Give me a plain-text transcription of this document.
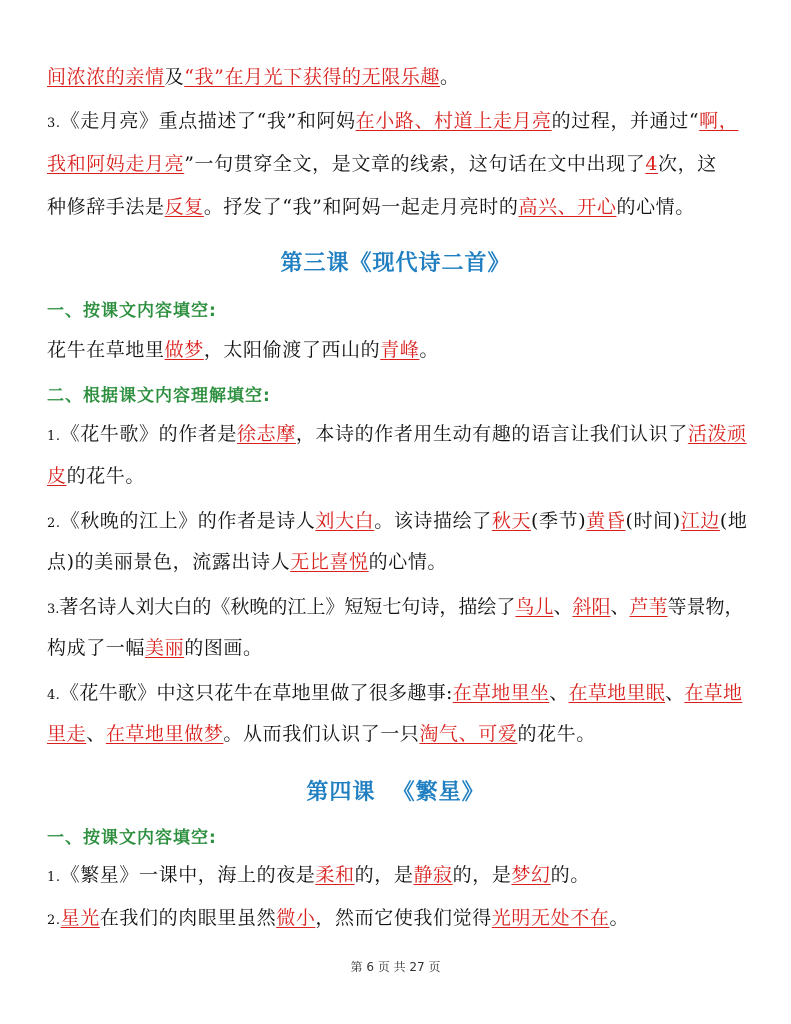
间浓浓的亲情及“我”在月光下获得的无限乐趣。
3.《走月亮》重点描述了“我”和阿妈在小路、村道上走月亮的过程，并通过“啊，
我和阿妈走月亮”一句贯穿全文，是文章的线索，这句话在文中出现了4次，这
种修辞手法是反复。抒发了“我”和阿妈一起走月亮时的高兴、开心的心情。
第三课《现代诗二首》
一、按课文内容填空:
花牛在草地里做梦，太阳偷渡了西山的青峰。
二、根据课文内容理解填空:
1.《花牛歌》的作者是徐志摩，本诗的作者用生动有趣的语言让我们认识了活泼顽
皮的花牛。
2.《秋晚的江上》的作者是诗人刘大白。该诗描绘了秋天(季节)黄昏(时间)江边(地
点)的美丽景色，流露出诗人无比喜悦的心情。
3.著名诗人刘大白的《秋晚的江上》短短七句诗，描绘了鸟儿、斜阳、芦苇等景物，
构成了一幅美丽的图画。
4.《花牛歌》中这只花牛在草地里做了很多趣事:在草地里坐、在草地里眠、在草地
里走、在草地里做梦。从而我们认识了一只淘气、可爱的花牛。
第四课  《繁星》
一、按课文内容填空:
1.《繁星》一课中，海上的夜是柔和的，是静寂的，是梦幻的。
2.星光在我们的肉眼里虽然微小，然而它使我们觉得光明无处不在。
第 6 页 共 27 页
